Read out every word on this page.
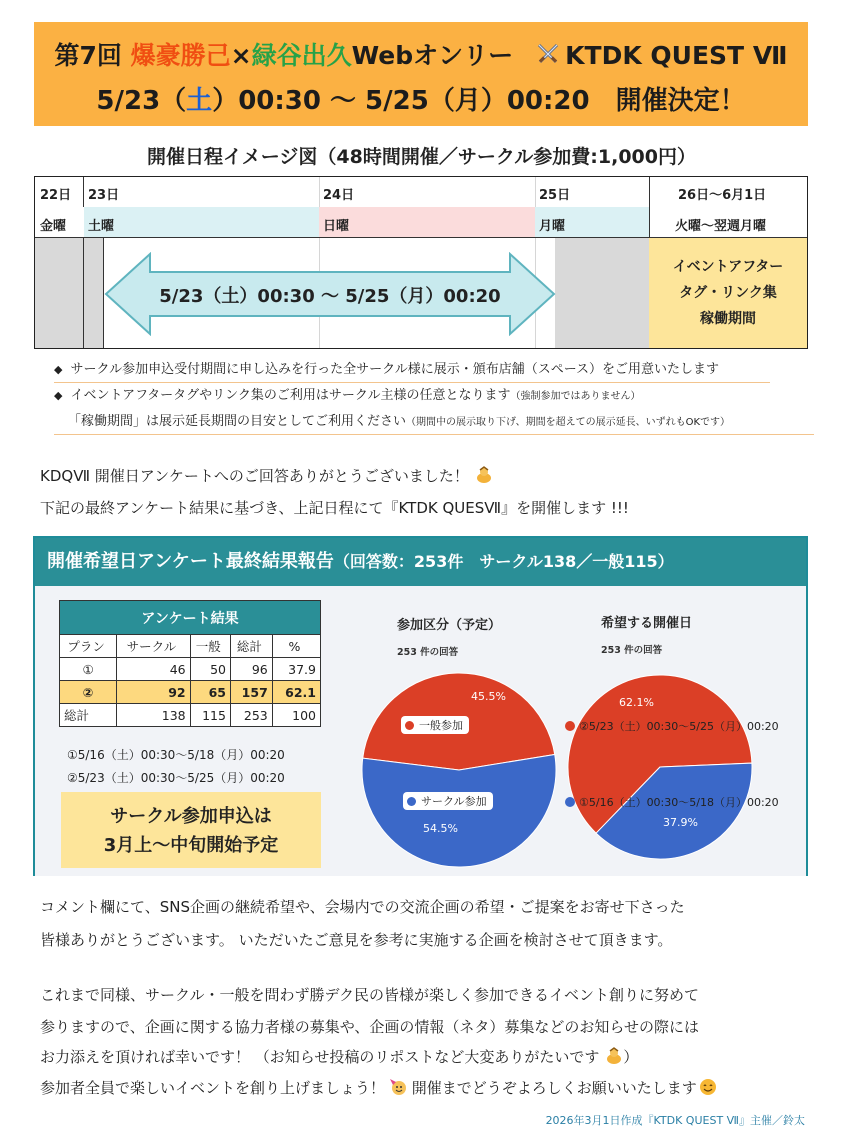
第7回 爆豪勝己×緑谷出久Webオンリー KTDK QUEST Ⅶ
5/23（土）00:30 ～ 5/25（月）00:20 開催決定！
開催日程イメージ図（48時間開催／サークル参加費:1,000円）
22日 23日	24日	25日	26日～6月1日
金曜 土曜	日曜	月曜	火曜～翌週月曜
5/23（土）00:30 ～ 5/25（月）00:20
イベントアフター
タグ・リンク集
稼働期間
◆ サークル参加申込受付期間に申し込みを行った全サークル様に展示・頒布店舗（スペース）をご用意いたします
◆ イベントアフタータグやリンク集のご利用はサークル主様の任意となります（強制参加ではありません）
「稼働期間」は展示延長期間の目安としてご利用ください（期間中の展示取り下げ、期間を超えての展示延長、いずれもOKです）
KDQⅦ 開催日アンケートへのご回答ありがとうございました！
下記の最終アンケート結果に基づき、上記日程にて『KTDK QUESⅦ』を開催します !!!
開催希望日アンケート最終結果報告（回答数：253件　サークル138／一般115）
アンケート結果				
プラン	サークル	一般	総計	%
①	46	50	96	37.9
②	92	65	157	62.1
総計	138	115	253	100
①5/16（土）00:30～5/18（月）00:20
②5/23（土）00:30～5/25（月）00:20
サークル参加申込は
3月上～中旬開始予定
参加区分（予定）
253 件の回答
45.5%
54.5%
一般参加
サークル参加
希望する開催日
253 件の回答
62.1%
37.9%
②5/23（土）00:30～5/25（月）00:20
①5/16（土）00:30～5/18（月）00:20
コメント欄にて、SNS企画の継続希望や、会場内での交流企画の希望・ご提案をお寄せ下さった
皆様ありがとうございます。 いただいたご意見を参考に実施する企画を検討させて頂きます。
これまで同様、サークル・一般を問わず勝デク民の皆様が楽しく参加できるイベント創りに努めて
参りますので、企画に関する協力者様の募集や、企画の情報（ネタ）募集などのお知らせの際には
お力添えを頂ければ幸いです！ （お知らせ投稿のリポストなど大変ありがたいです ）
参加者全員で楽しいイベントを創り上げましょう！ 開催までどうぞよろしくお願いいたします
2026年3月1日作成『KTDK QUEST Ⅶ』主催／鈴太
